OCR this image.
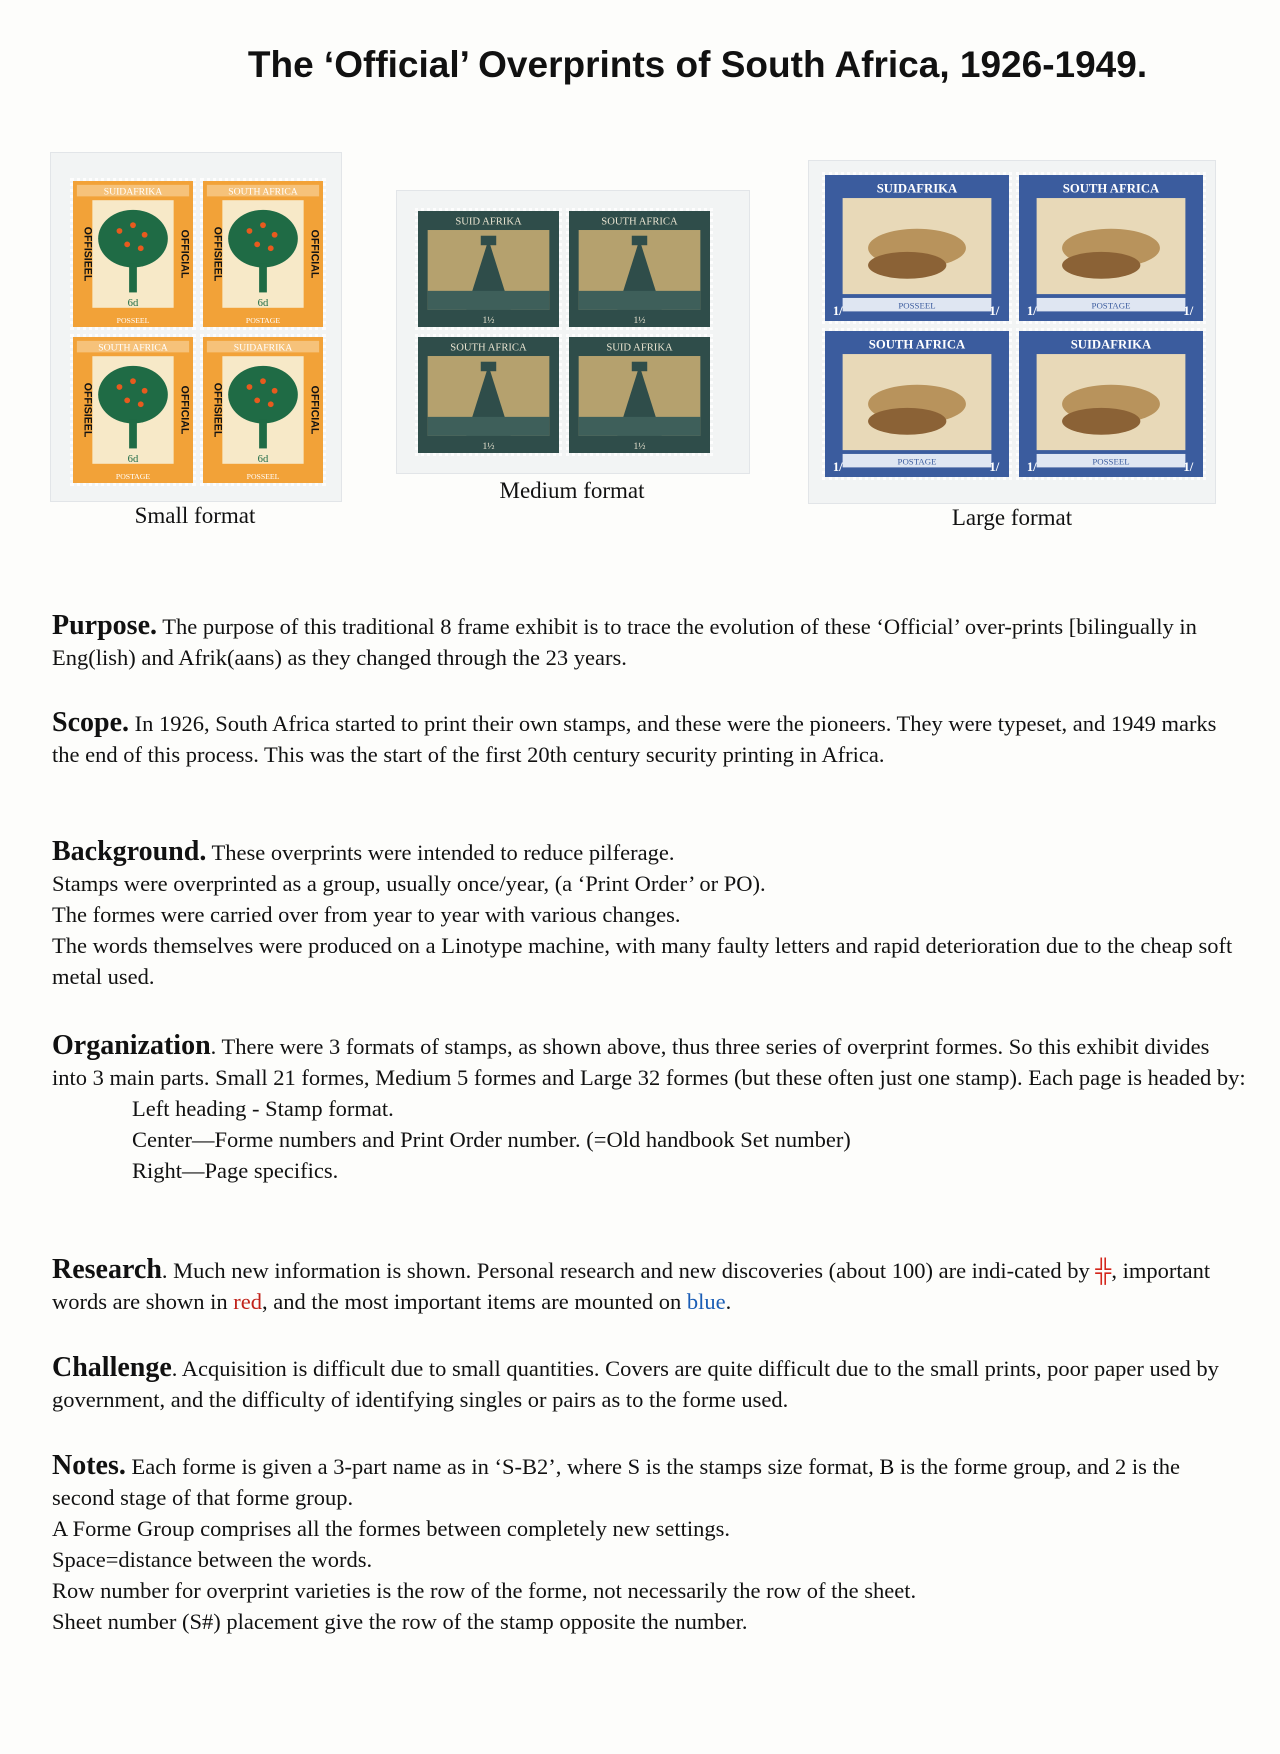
The ‘Official’ Overprints of South Africa, 1926-1949.
SUIDAFRIKA
6d
POSSEEL
OFFISIEEL	OFFICIAL
SOUTH AFRICA
6d
POSTAGE
OFFISIEEL	OFFICIAL
SOUTH AFRICA
6d
POSTAGE
OFFISIEEL	OFFICIAL
SUIDAFRIKA
6d
POSSEEL
OFFISIEEL	OFFICIAL
Small format
SUID AFRIKA
1½
SOUTH AFRICA
1½
SOUTH AFRICA
1½
SUID AFRIKA
1½
Medium format
SUIDAFRIKA
POSSEEL
1/	1/
SOUTH AFRICA
POSTAGE
1/	1/
SOUTH AFRICA
POSTAGE
1/	1/
SUIDAFRIKA
POSSEEL
1/	1/
Large format

Purpose. The purpose of this traditional 8 frame exhibit is to trace the evolution of these ‘Official’ over-prints [bilingually in Eng(lish) and Afrik(aans) as they changed through the 23 years.

Scope. In 1926, South Africa started to print their own stamps, and these were the pioneers. They were typeset, and 1949 marks the end of this process. This was the start of the first 20th century security printing in Africa.

Background. These overprints were intended to reduce pilferage.

Stamps were overprinted as a group, usually once/year, (a ‘Print Order’ or PO).

The formes were carried over from year to year with various changes.

The words themselves were produced on a Linotype machine, with many faulty letters and rapid deterioration due to the cheap soft metal used.

Organization. There were 3 formats of stamps, as shown above, thus three series of overprint formes. So this exhibit divides into 3 main parts. Small 21 formes, Medium 5 formes and Large 32 formes (but these often just one stamp). Each page is headed by:

Left heading - Stamp format.

Center—Forme numbers and Print Order number. (=Old handbook Set number)

Right—Page specifics.

Research. Much new information is shown. Personal research and new discoveries (about 100) are indi-cated by ╬, important words are shown in red, and the most important items are mounted on blue.

Challenge. Acquisition is difficult due to small quantities. Covers are quite difficult due to the small prints, poor paper used by government, and the difficulty of identifying singles or pairs as to the forme used.

Notes. Each forme is given a 3-part name as in ‘S-B2’, where S is the stamps size format, B is the forme group, and 2 is the second stage of that forme group.

A Forme Group comprises all the formes between completely new settings.

Space=distance between the words.

Row number for overprint varieties is the row of the forme, not necessarily the row of the sheet.

Sheet number (S#) placement give the row of the stamp opposite the number.
